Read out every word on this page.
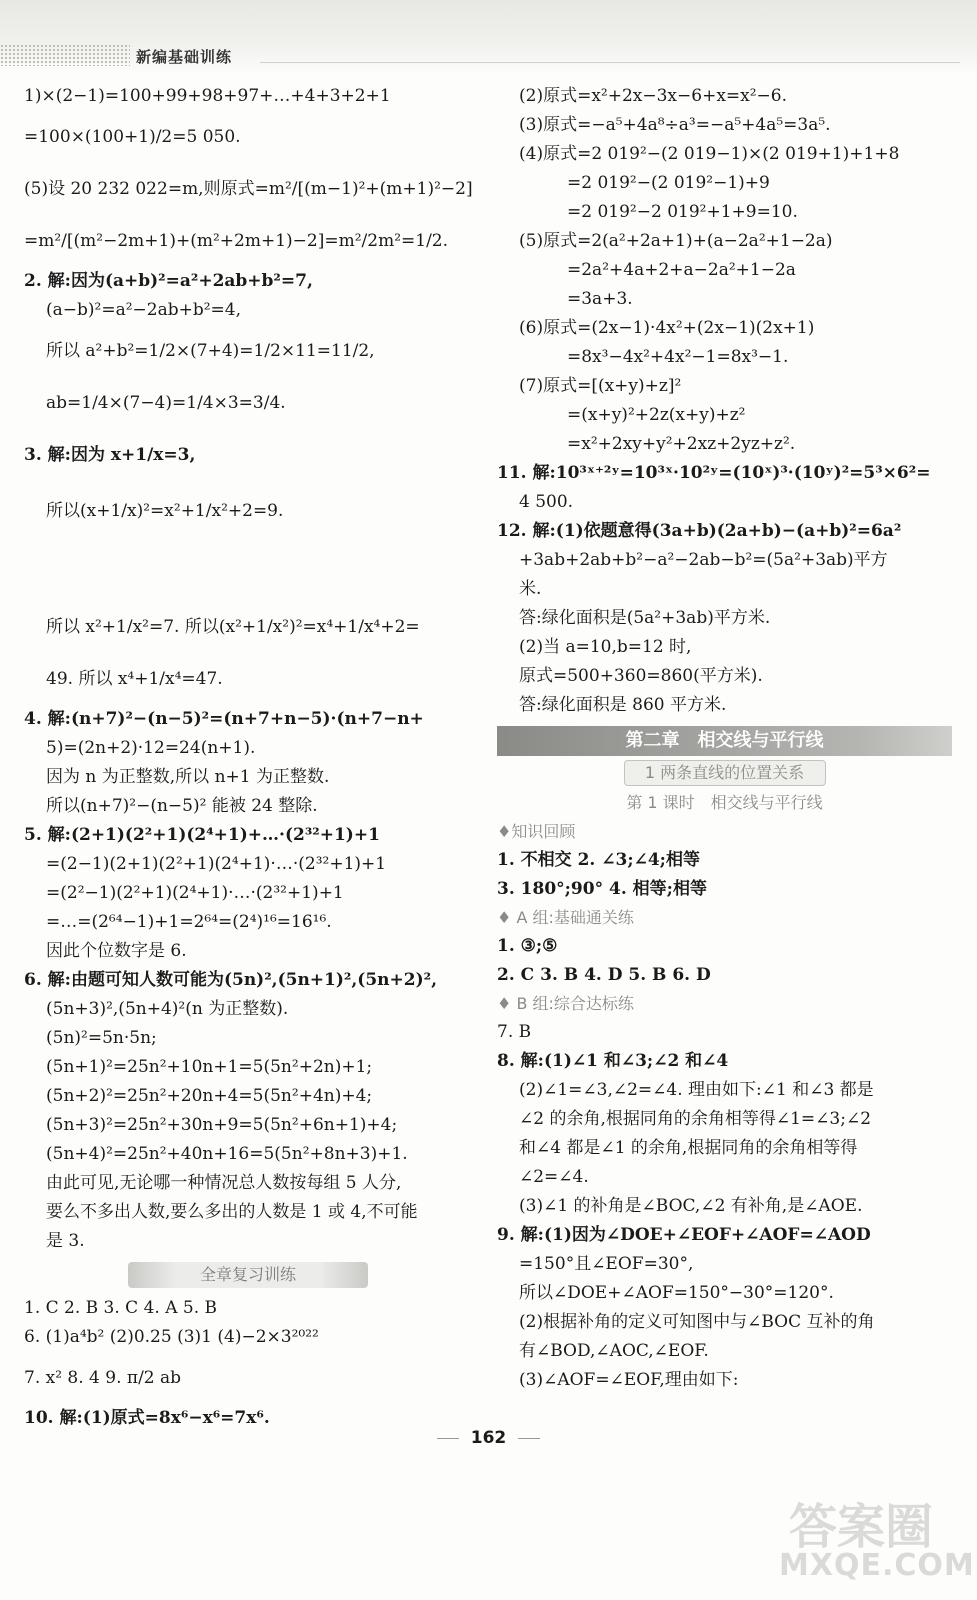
新编基础训练
1)×(2−1)=100+99+98+97+…+4+3+2+1
=100×(100+1)/2=5 050.
(5)设 20 232 022=m,则原式=m²/[(m−1)²+(m+1)²−2]
=m²/[(m²−2m+1)+(m²+2m+1)−2]=m²/2m²=1/2.
2. 解:因为(a+b)²=a²+2ab+b²=7,
(a−b)²=a²−2ab+b²=4,
所以 a²+b²=1/2×(7+4)=1/2×11=11/2,
ab=1/4×(7−4)=1/4×3=3/4.
3. 解:因为 x+1/x=3,
所以(x+1/x)²=x²+1/x²+2=9.
所以 x²+1/x²=7. 所以(x²+1/x²)²=x⁴+1/x⁴+2=
49. 所以 x⁴+1/x⁴=47.
4. 解:(n+7)²−(n−5)²=(n+7+n−5)·(n+7−n+
5)=(2n+2)·12=24(n+1).
因为 n 为正整数,所以 n+1 为正整数.
所以(n+7)²−(n−5)² 能被 24 整除.
5. 解:(2+1)(2²+1)(2⁴+1)+…·(2³²+1)+1
=(2−1)(2+1)(2²+1)(2⁴+1)·…·(2³²+1)+1
=(2²−1)(2²+1)(2⁴+1)·…·(2³²+1)+1
=…=(2⁶⁴−1)+1=2⁶⁴=(2⁴)¹⁶=16¹⁶.
因此个位数字是 6.
6. 解:由题可知人数可能为(5n)²,(5n+1)²,(5n+2)²,
(5n+3)²,(5n+4)²(n 为正整数).
(5n)²=5n·5n;
(5n+1)²=25n²+10n+1=5(5n²+2n)+1;
(5n+2)²=25n²+20n+4=5(5n²+4n)+4;
(5n+3)²=25n²+30n+9=5(5n²+6n+1)+4;
(5n+4)²=25n²+40n+16=5(5n²+8n+3)+1.
由此可见,无论哪一种情况总人数按每组 5 人分,
要么不多出人数,要么多出的人数是 1 或 4,不可能
是 3.
全章复习训练
1. C 2. B 3. C 4. A 5. B
6. (1)a⁴b² (2)0.25 (3)1 (4)−2×3²⁰²²
7. x² 8. 4 9. π/2 ab
10. 解:(1)原式=8x⁶−x⁶=7x⁶.
(2)原式=x²+2x−3x−6+x=x²−6.
(3)原式=−a⁵+4a⁸÷a³=−a⁵+4a⁵=3a⁵.
(4)原式=2 019²−(2 019−1)×(2 019+1)+1+8
=2 019²−(2 019²−1)+9
=2 019²−2 019²+1+9=10.
(5)原式=2(a²+2a+1)+(a−2a²+1−2a)
=2a²+4a+2+a−2a²+1−2a
=3a+3.
(6)原式=(2x−1)·4x²+(2x−1)(2x+1)
=8x³−4x²+4x²−1=8x³−1.
(7)原式=[(x+y)+z]²
=(x+y)²+2z(x+y)+z²
=x²+2xy+y²+2xz+2yz+z².
11. 解:10³ˣ⁺²ʸ=10³ˣ·10²ʸ=(10ˣ)³·(10ʸ)²=5³×6²=
4 500.
12. 解:(1)依题意得(3a+b)(2a+b)−(a+b)²=6a²
+3ab+2ab+b²−a²−2ab−b²=(5a²+3ab)平方
米.
答:绿化面积是(5a²+3ab)平方米.
(2)当 a=10,b=12 时,
原式=500+360=860(平方米).
答:绿化面积是 860 平方米.
第二章　相交线与平行线
1 两条直线的位置关系
第 1 课时　相交线与平行线
♦知识回顾
1. 不相交 2. ∠3;∠4;相等
3. 180°;90° 4. 相等;相等
♦ A 组:基础通关练
1. ③;⑤
2. C 3. B 4. D 5. B 6. D
♦ B 组:综合达标练
7. B
8. 解:(1)∠1 和∠3;∠2 和∠4
(2)∠1=∠3,∠2=∠4. 理由如下:∠1 和∠3 都是
∠2 的余角,根据同角的余角相等得∠1=∠3;∠2
和∠4 都是∠1 的余角,根据同角的余角相等得
∠2=∠4.
(3)∠1 的补角是∠BOC,∠2 有补角,是∠AOE.
9. 解:(1)因为∠DOE+∠EOF+∠AOF=∠AOD
=150°且∠EOF=30°,
所以∠DOE+∠AOF=150°−30°=120°.
(2)根据补角的定义可知图中与∠BOC 互补的角
有∠BOD,∠AOC,∠EOF.
(3)∠AOF=∠EOF,理由如下:
162
答案圈
MXQE.COM
